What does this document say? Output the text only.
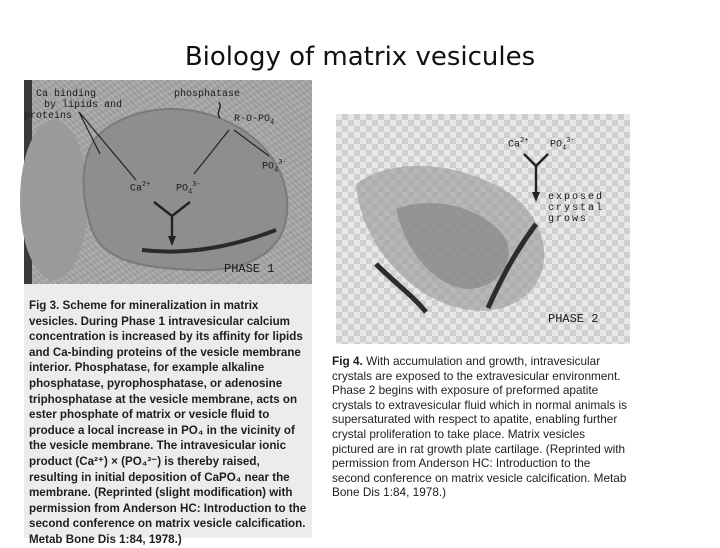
Biology of matrix vesicules
Ca binding
by lipids and
proteins
phosphatase
$R-O-PO_4$
$PO_4^{3-}$
$Ca^{2+}$	$PO_4^{3-}$
PHASE 1
Fig 3. Scheme for mineralization in matrix vesicles. During Phase 1 intravesicular calcium concentration is increased by its affinity for lipids and Ca-binding proteins of the vesicle membrane interior. Phosphatase, for example alkaline phosphatase, pyrophosphatase, or adenosine triphosphatase at the vesicle membrane, acts on ester phosphate of matrix or vesicle fluid to produce a local increase in PO₄ in the vicinity of the vesicle membrane. The intravesicular ionic product (Ca²⁺) × (PO₄³⁻) is thereby raised, resulting in initial deposition of CaPO₄ near the membrane. (Reprinted (slight modification) with permission from Anderson HC: Introduction to the second conference on matrix vesicle calcification. Metab Bone Dis 1:84, 1978.)
$Ca^{2+}$ $PO_4^{3-}$
exposed
crystal
grows
PHASE 2
Fig 4. With accumulation and growth, intravesicular crystals are exposed to the extravesicular environment. Phase 2 begins with exposure of preformed apatite crystals to extravesicular fluid which in normal animals is supersaturated with respect to apatite, enabling further crystal proliferation to take place. Matrix vesicles pictured are in rat growth plate cartilage. (Reprinted with permission from Anderson HC: Introduction to the second conference on matrix vesicle calcification. Metab Bone Dis 1:84, 1978.)
